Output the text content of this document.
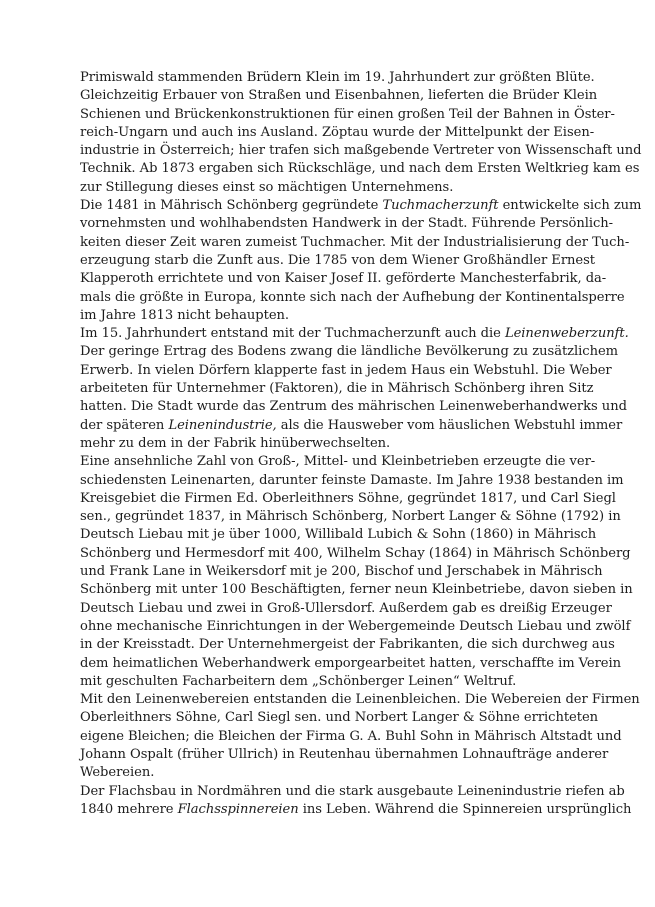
Primiswald stammenden Brüdern Klein im 19. Jahrhundert zur größten Blüte.
Gleichzeitig Erbauer von Straßen und Eisenbahnen, lieferten die Brüder Klein
Schienen und Brückenkonstruktionen für einen großen Teil der Bahnen in Öster-
reich-Ungarn und auch ins Ausland. Zöptau wurde der Mittelpunkt der Eisen-
industrie in Österreich; hier trafen sich maßgebende Vertreter von Wissenschaft und
Technik. Ab 1873 ergaben sich Rückschläge, und nach dem Ersten Weltkrieg kam es
zur Stillegung dieses einst so mächtigen Unternehmens.
Die 1481 in Mährisch Schönberg gegründete Tuchmacherzunft entwickelte sich zum
vornehmsten und wohlhabendsten Handwerk in der Stadt. Führende Persönlich-
keiten dieser Zeit waren zumeist Tuchmacher. Mit der Industrialisierung der Tuch-
erzeugung starb die Zunft aus. Die 1785 von dem Wiener Großhändler Ernest
Klapperoth errichtete und von Kaiser Josef II. geförderte Manchesterfabrik, da-
mals die größte in Europa, konnte sich nach der Aufhebung der Kontinentalsperre
im Jahre 1813 nicht behaupten.
Im 15. Jahrhundert entstand mit der Tuchmacherzunft auch die Leinenweberzunft.
Der geringe Ertrag des Bodens zwang die ländliche Bevölkerung zu zusätzlichem
Erwerb. In vielen Dörfern klapperte fast in jedem Haus ein Webstuhl. Die Weber
arbeiteten für Unternehmer (Faktoren), die in Mährisch Schönberg ihren Sitz
hatten. Die Stadt wurde das Zentrum des mährischen Leinenweberhandwerks und
der späteren Leinenindustrie, als die Hausweber vom häuslichen Webstuhl immer
mehr zu dem in der Fabrik hinüberwechselten.
Eine ansehnliche Zahl von Groß-, Mittel- und Kleinbetrieben erzeugte die ver-
schiedensten Leinenarten, darunter feinste Damaste. Im Jahre 1938 bestanden im
Kreisgebiet die Firmen Ed. Oberleithners Söhne, gegründet 1817, und Carl Siegl
sen., gegründet 1837, in Mährisch Schönberg, Norbert Langer & Söhne (1792) in
Deutsch Liebau mit je über 1000, Willibald Lubich & Sohn (1860) in Mährisch
Schönberg und Hermesdorf mit 400, Wilhelm Schay (1864) in Mährisch Schönberg
und Frank Lane in Weikersdorf mit je 200, Bischof und Jerschabek in Mährisch
Schönberg mit unter 100 Beschäftigten, ferner neun Kleinbetriebe, davon sieben in
Deutsch Liebau und zwei in Groß-Ullersdorf. Außerdem gab es dreißig Erzeuger
ohne mechanische Einrichtungen in der Webergemeinde Deutsch Liebau und zwölf
in der Kreisstadt. Der Unternehmergeist der Fabrikanten, die sich durchweg aus
dem heimatlichen Weberhandwerk emporgearbeitet hatten, verschaffte im Verein
mit geschulten Facharbeitern dem „Schönberger Leinen“ Weltruf.
Mit den Leinenwebereien entstanden die Leinenbleichen. Die Webereien der Firmen
Oberleithners Söhne, Carl Siegl sen. und Norbert Langer & Söhne errichteten
eigene Bleichen; die Bleichen der Firma G. A. Buhl Sohn in Mährisch Altstadt und
Johann Ospalt (früher Ullrich) in Reutenhau übernahmen Lohnaufträge anderer
Webereien.
Der Flachsbau in Nordmähren und die stark ausgebaute Leinenindustrie riefen ab
1840 mehrere Flachsspinnereien ins Leben. Während die Spinnereien ursprünglich
